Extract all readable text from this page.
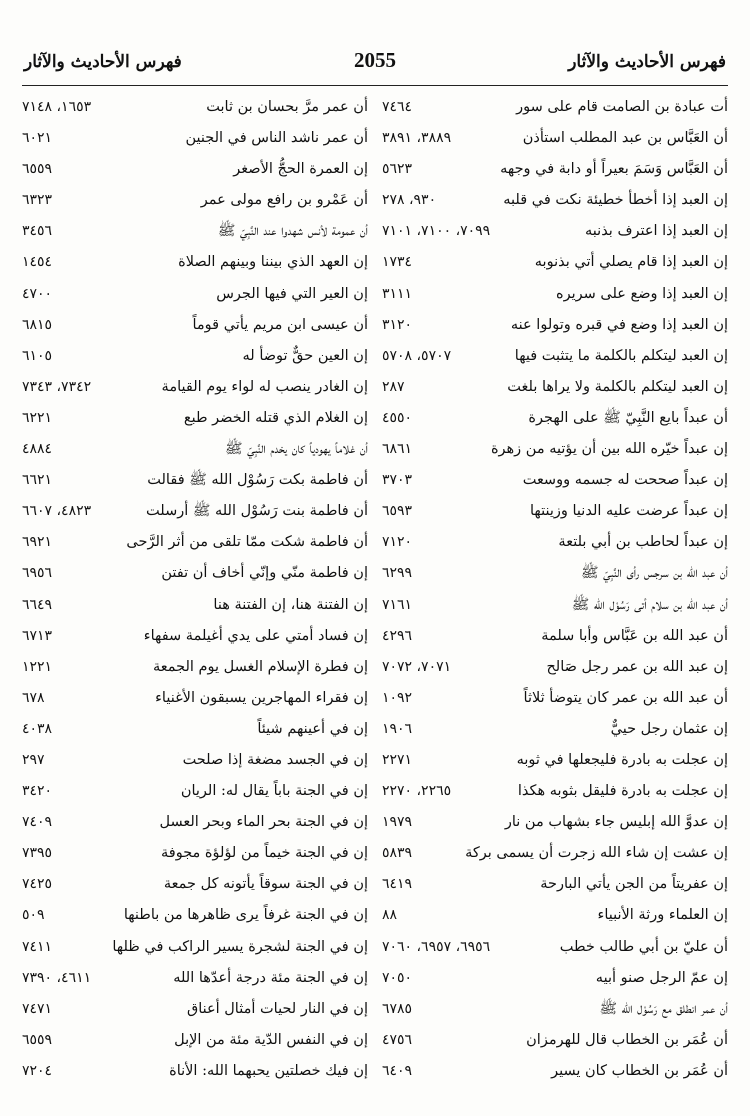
فهرس الأحاديث والآثار
2055
فهرس الأحاديث والآثار
أت عبادة بن الصامت قام على سور
٧٤٦٤
أن العَبَّاس بن عبد المطلب استأذن
٣٨٨٩، ٣٨٩١
أن العَبَّاس وَسَمَ بعيراً أو دابة في وجهه
٥٦٢٣
إن العبد إذا أخطأ خطيئة نكت في قلبه
٩٣٠، ٢٧٨
إن العبد إذا اعترف بذنبه
٧٠٩٩، ٧١٠٠، ٧١٠١
إن العبد إذا قام يصلي أتي بذنوبه
١٧٣٤
إن العبد إذا وضع على سريره
٣١١١
إن العبد إذا وضع في قبره وتولوا عنه
٣١٢٠
إن العبد ليتكلم بالكلمة ما يتثبت فيها
٥٧٠٧، ٥٧٠٨
إن العبد ليتكلم بالكلمة ولا يراها بلغت
٢٨٧
أن عبداً بايع النَّبِيّ ﷺ على الهجرة
٤٥٥٠
إن عبداً خيّره الله بين أن يؤتيه من زهرة
٦٨٦١
إن عبداً صححت له جسمه ووسعت
٣٧٠٣
إن عبداً عرضت عليه الدنيا وزينتها
٦٥٩٣
إن عبداً لحاطب بن أبي بلتعة
٧١٢٠
أن عبد الله بن سرجس رأى النَّبِيّ ﷺ
٦٢٩٩
أن عبد الله بن سلام أتى رَسُوْل الله ﷺ
٧١٦١
أن عبد الله بن عَبَّاس وأبا سلمة
٤٢٩٦
إن عبد الله بن عمر رجل صَالح
٧٠٧١، ٧٠٧٢
أن عبد الله بن عمر كان يتوضأ ثلاثاً
١٠٩٢
إن عثمان رجل حييٌّ
١٩٠٦
إن عجلت به بادرة فليجعلها في ثوبه
٢٢٧١
إن عجلت به بادرة فليقل بثوبه هكذا
٢٢٦٥، ٢٢٧٠
إن عدوَّ الله إبليس جاء بشهاب من نار
١٩٧٩
إن عشت إن شاء الله زجرت أن يسمى بركة
٥٨٣٩
إن عفريتاً من الجن يأتي البارحة
٦٤١٩
إن العلماء ورثة الأنبياء
٨٨
أن عليّ بن أبي طالب خطب
٦٩٥٦، ٦٩٥٧، ٧٠٦٠
إن عمّ الرجل صنو أبيه
٧٠٥٠
أن عمر انطلق مع رَسُوْل الله ﷺ
٦٧٨٥
أن عُمَر بن الخطاب قال للهرمزان
٤٧٥٦
أن عُمَر بن الخطاب كان يسير
٦٤٠٩
أن عمر مرَّ بحسان بن ثابت
١٦٥٣، ٧١٤٨
أن عمر ناشد الناس في الجنين
٦٠٢١
إن العمرة الحجُّ الأصغر
٦٥٥٩
أن عَمْرو بن رافع مولى عمر
٦٣٢٣
أن عمومة لأنس شهدوا عند النَّبِيّ ﷺ
٣٤٥٦
إن العهد الذي بيننا وبينهم الصلاة
١٤٥٤
إن العير التي فيها الجرس
٤٧٠٠
أن عيسى ابن مريم يأتي قوماً
٦٨١٥
إن العين حقٌّ توضأ له
٦١٠٥
إن الغادر ينصب له لواء يوم القيامة
٧٣٤٢، ٧٣٤٣
إن الغلام الذي قتله الخضر طبع
٦٢٢١
أن غلاماً يهودياً كان يخدم النَّبِيّ ﷺ
٤٨٨٤
أن فاطمة بكت رَسُوْل الله ﷺ فقالت
٦٦٢١
أن فاطمة بنت رَسُوْل الله ﷺ أرسلت
٤٨٢٣، ٦٦٠٧
أن فاطمة شكت ممّا تلقى من أثر الرَّحى
٦٩٢١
إن فاطمة منّي وإنّي أخاف أن تفتن
٦٩٥٦
إن الفتنة هنا، إن الفتنة هنا
٦٦٤٩
إن فساد أمتي على يدي أغيلمة سفهاء
٦٧١٣
إن فطرة الإسلام الغسل يوم الجمعة
١٢٢١
إن فقراء المهاجرين يسبقون الأغنياء
٦٧٨
إن في أعينهم شيئاً
٤٠٣٨
إن في الجسد مضغة إذا صلحت
٢٩٧
إن في الجنة باباً يقال له: الريان
٣٤٢٠
إن في الجنة بحر الماء وبحر العسل
٧٤٠٩
إن في الجنة خيماً من لؤلؤة مجوفة
٧٣٩٥
إن في الجنة سوقاً يأتونه كل جمعة
٧٤٢٥
إن في الجنة غرفاً يرى ظاهرها من باطنها
٥٠٩
إن في الجنة لشجرة يسير الراكب في ظلها
٧٤١١
إن في الجنة مئة درجة أعدّها الله
٤٦١١، ٧٣٩٠
إن في النار لحيات أمثال أعناق
٧٤٧١
إن في النفس الدّية مئة من الإبل
٦٥٥٩
إن فيك خصلتين يحبهما الله: الأناة
٧٢٠٤
